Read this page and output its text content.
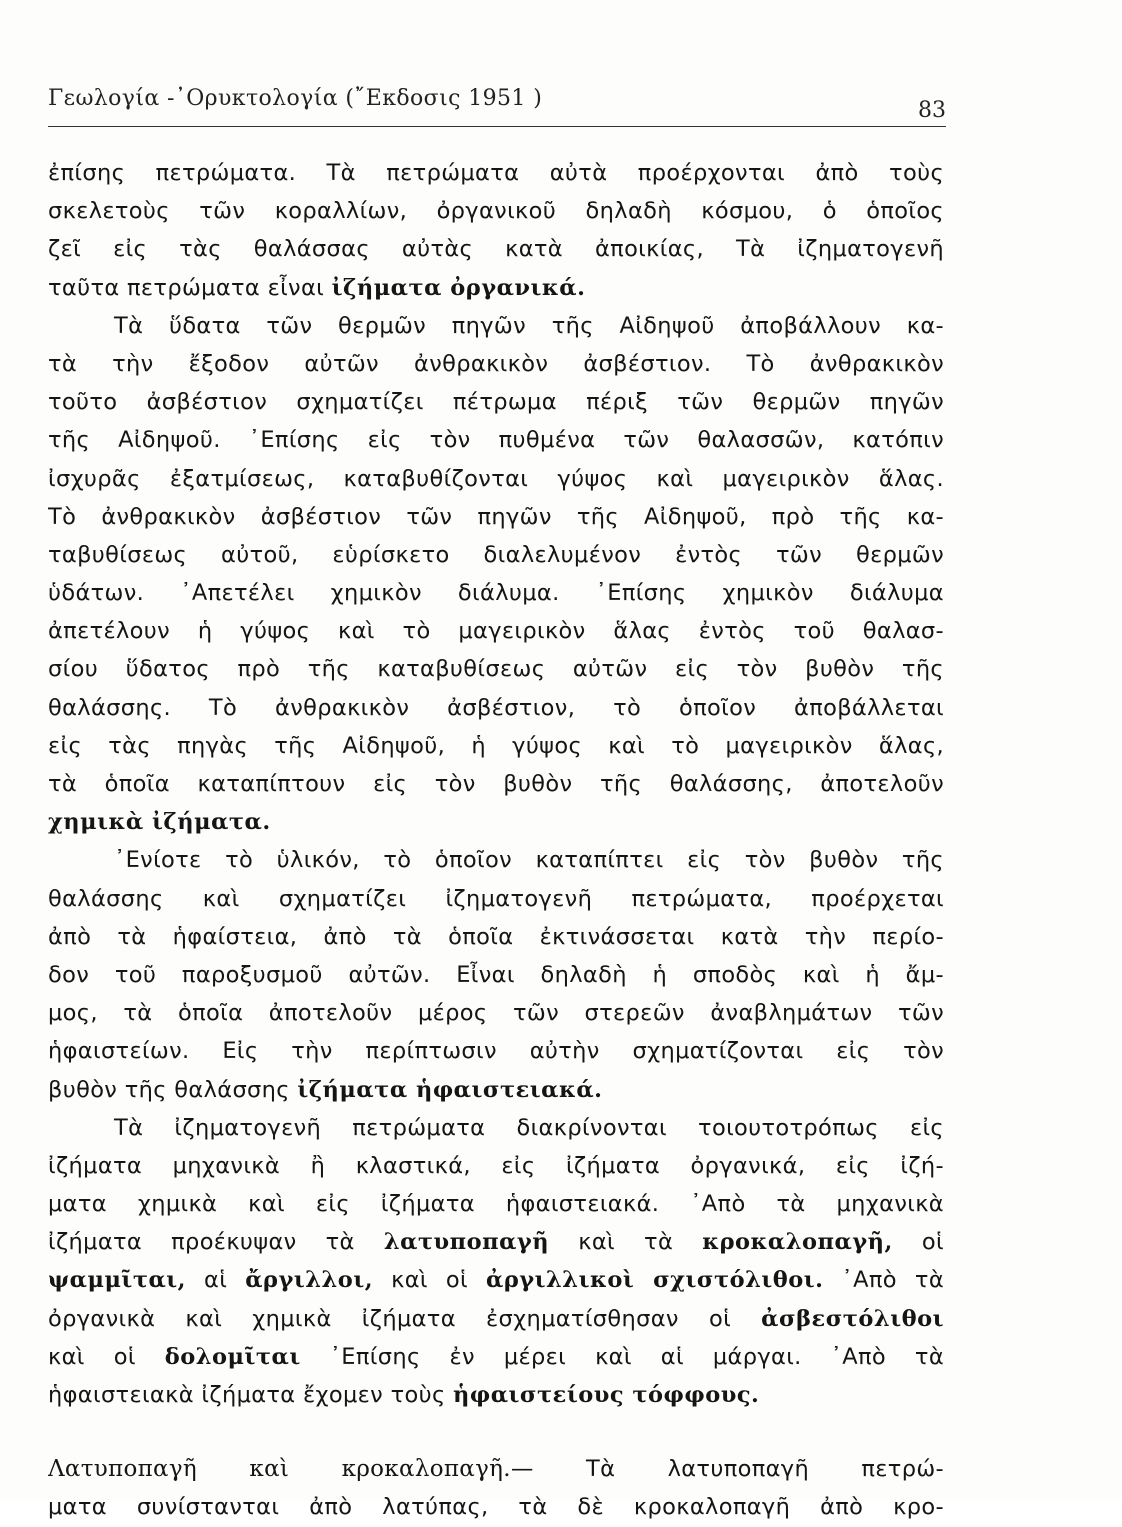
Γεωλογία -᾿Ορυκτολογία (῎Εκδοσις 1951 )	83
ἐπίσης πετρώματα. Τὰ πετρώματα αὐτὰ προέρχονται ἀπὸ τοὺς
σκελετοὺς τῶν κοραλλίων, ὀργανικοῦ δηλαδὴ κόσμου, ὁ ὁποῖος
ζεῖ εἰς τὰς θαλάσσας αὐτὰς κατὰ ἀποικίας, Τὰ ἰζηματογενῆ
ταῦτα πετρώματα εἶναι ἰζήματα ὀργανικά.
Τὰ ὕδατα τῶν θερμῶν πηγῶν τῆς Αἰδηψοῦ ἀποβάλλουν κα-
τὰ τὴν ἔξοδον αὐτῶν ἀνθρακικὸν ἀσβέστιον. Τὸ ἀνθρακικὸν
τοῦτο ἀσβέστιον σχηματίζει πέτρωμα πέριξ τῶν θερμῶν πηγῶν
τῆς Αἰδηψοῦ. ᾿Επίσης εἰς τὸν πυθμένα τῶν θαλασσῶν, κατόπιν
ἰσχυρᾶς ἐξατμίσεως, καταβυθίζονται γύψος καὶ μαγειρικὸν ἅλας.
Τὸ ἀνθρακικὸν ἀσβέστιον τῶν πηγῶν τῆς Αἰδηψοῦ, πρὸ τῆς κα-
ταβυθίσεως αὐτοῦ, εὑρίσκετο διαλελυμένον ἐντὸς τῶν θερμῶν
ὑδάτων. ᾿Απετέλει χημικὸν διάλυμα. ᾿Επίσης χημικὸν διάλυμα
ἀπετέλουν ἡ γύψος καὶ τὸ μαγειρικὸν ἅλας ἐντὸς τοῦ θαλασ-
σίου ὕδατος πρὸ τῆς καταβυθίσεως αὐτῶν εἰς τὸν βυθὸν τῆς
θαλάσσης. Τὸ ἀνθρακικὸν ἀσβέστιον, τὸ ὁποῖον ἀποβάλλεται
εἰς τὰς πηγὰς τῆς Αἰδηψοῦ, ἡ γύψος καὶ τὸ μαγειρικὸν ἅλας,
τὰ ὁποῖα καταπίπτουν εἰς τὸν βυθὸν τῆς θαλάσσης, ἀποτελοῦν
χημικὰ ἰζήματα.
᾿Ενίοτε τὸ ὑλικόν, τὸ ὁποῖον καταπίπτει εἰς τὸν βυθὸν τῆς
θαλάσσης καὶ σχηματίζει ἰζηματογενῆ πετρώματα, προέρχεται
ἀπὸ τὰ ἡφαίστεια, ἀπὸ τὰ ὁποῖα ἐκτινάσσεται κατὰ τὴν περίο-
δον τοῦ παροξυσμοῦ αὐτῶν. Εἶναι δηλαδὴ ἡ σποδὸς καὶ ἡ ἄμ-
μος, τὰ ὁποῖα ἀποτελοῦν μέρος τῶν στερεῶν ἀναβλημάτων τῶν
ἡφαιστείων. Εἰς τὴν περίπτωσιν αὐτὴν σχηματίζονται εἰς τὸν
βυθὸν τῆς θαλάσσης ἰζήματα ἡφαιστειακά.
Τὰ ἰζηματογενῆ πετρώματα διακρίνονται τοιουτοτρόπως εἰς
ἰζήματα μηχανικὰ ἢ κλαστικά, εἰς ἰζήματα ὀργανικά, εἰς ἰζή-
ματα χημικὰ καὶ εἰς ἰζήματα ἡφαιστειακά. ᾿Απὸ τὰ μηχανικὰ
ἰζήματα προέκυψαν τὰ λατυποπαγῆ καὶ τὰ κροκαλοπαγῆ, οἱ
ψαμμῖται, αἱ ἄργιλλοι, καὶ οἱ ἀργιλλικοὶ σχιστόλιθοι. ᾿Απὸ τὰ
ὀργανικὰ καὶ χημικὰ ἰζήματα ἐσχηματίσθησαν οἱ ἀσβεστόλιθοι
καὶ οἱ δολομῖται ᾿Επίσης ἐν μέρει καὶ αἱ μάργαι. ᾿Απὸ τὰ
ἡφαιστειακὰ ἰζήματα ἔχομεν τοὺς ἡφαιστείους τόφφους.
Λατυποπαγῆ καὶ κροκαλοπαγῆ.— Τὰ λατυποπαγῆ πετρώ-
ματα συνίστανται ἀπὸ λατύπας, τὰ δὲ κροκαλοπαγῆ ἀπὸ κρο-
